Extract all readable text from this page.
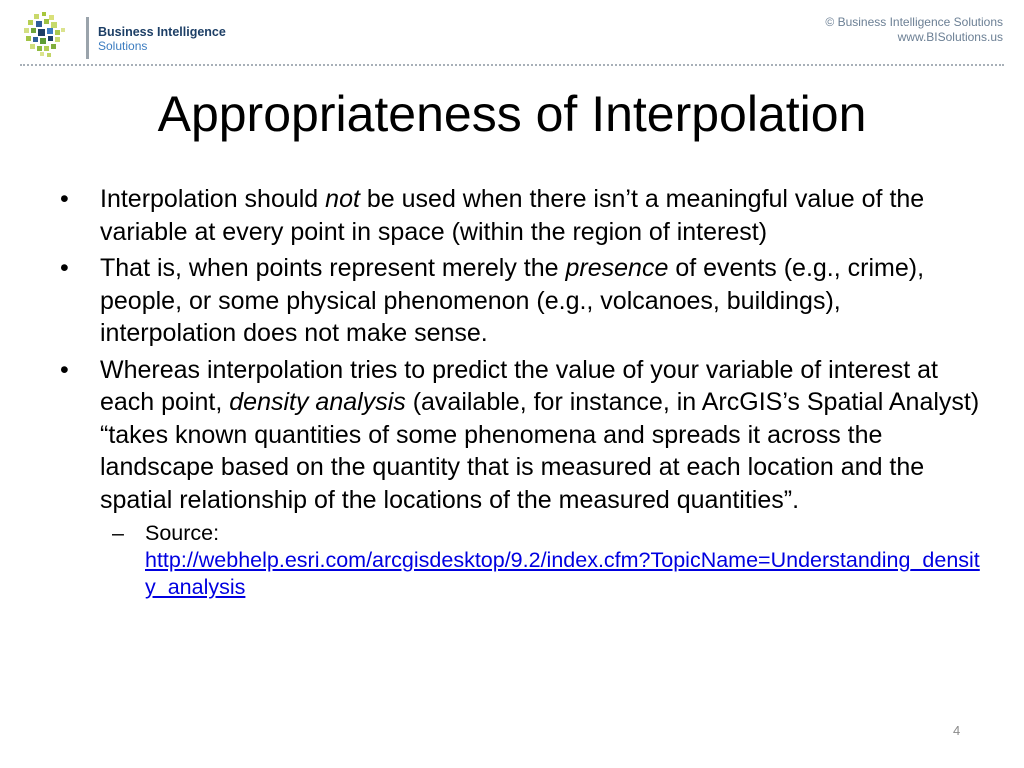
Business Intelligence
Solutions
© Business Intelligence Solutions
www.BISolutions.us
Appropriateness of Interpolation
• Interpolation should not be used when there isn’t a meaningful value of the variable at every point in space (within the region of interest)
• That is, when points represent merely the presence of events (e.g., crime), people, or some physical phenomenon (e.g., volcanoes, buildings), interpolation does not make sense.
• Whereas interpolation tries to predict the value of your variable of interest at each point, density analysis (available, for instance, in ArcGIS’s Spatial Analyst) “takes known quantities of some phenomena and spreads it across the landscape based on the quantity that is measured at each location and the spatial relationship of the locations of the measured quantities”.
– Source:
http://webhelp.esri.com/arcgisdesktop/9.2/index.cfm?TopicName=Understanding_density_analysis
4
